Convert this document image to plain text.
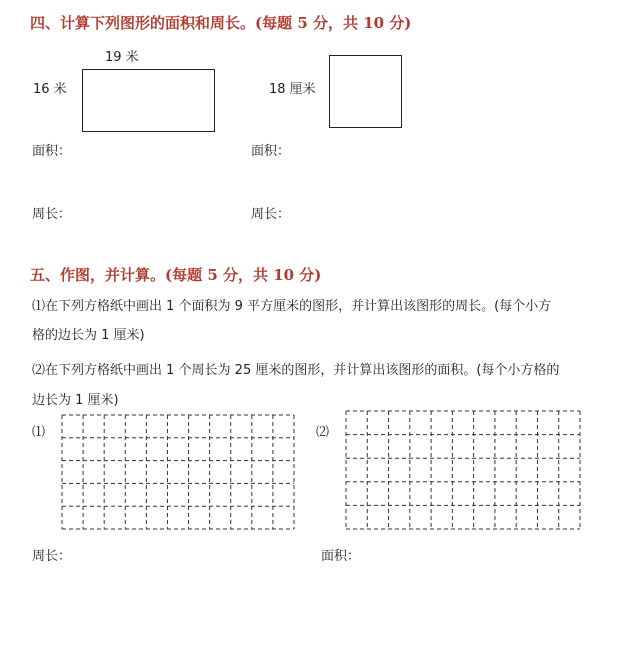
四、计算下列图形的面积和周长。(每题 5 分，共 10 分)
19 米
16 米	18 厘米
面积：	面积：
周长：	周长：
五、作图，并计算。(每题 5 分，共 10 分)
⑴在下列方格纸中画出 1 个面积为 9 平方厘米的图形，并计算出该图形的周长。(每个小方
格的边长为 1 厘米)
⑵在下列方格纸中画出 1 个周长为 25 厘米的图形，并计算出该图形的面积。(每个小方格的
边长为 1 厘米)
⑴	⑵
周长：	面积：
